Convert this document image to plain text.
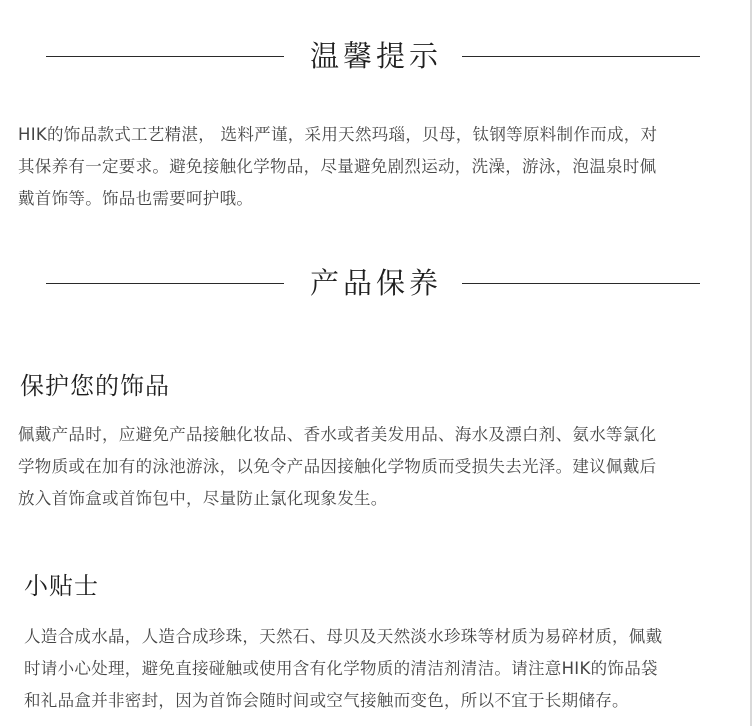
温馨提示
HIK的饰品款式工艺精湛， 选料严谨，采用天然玛瑙，贝母，钛钢等原料制作而成，对
其保养有一定要求。避免接触化学物品，尽量避免剧烈运动，洗澡，游泳，泡温泉时佩
戴首饰等。饰品也需要呵护哦。
产品保养
保护您的饰品
佩戴产品时，应避免产品接触化妆品、香水或者美发用品、海水及漂白剂、氨水等氯化
学物质或在加有的泳池游泳，以免令产品因接触化学物质而受损失去光泽。建议佩戴后
放入首饰盒或首饰包中，尽量防止氯化现象发生。
小贴士
人造合成水晶，人造合成珍珠，天然石、母贝及天然淡水珍珠等材质为易碎材质，佩戴
时请小心处理，避免直接碰触或使用含有化学物质的清洁剂清洁。请注意HIK的饰品袋
和礼品盒并非密封，因为首饰会随时间或空气接触而变色，所以不宜于长期储存。
